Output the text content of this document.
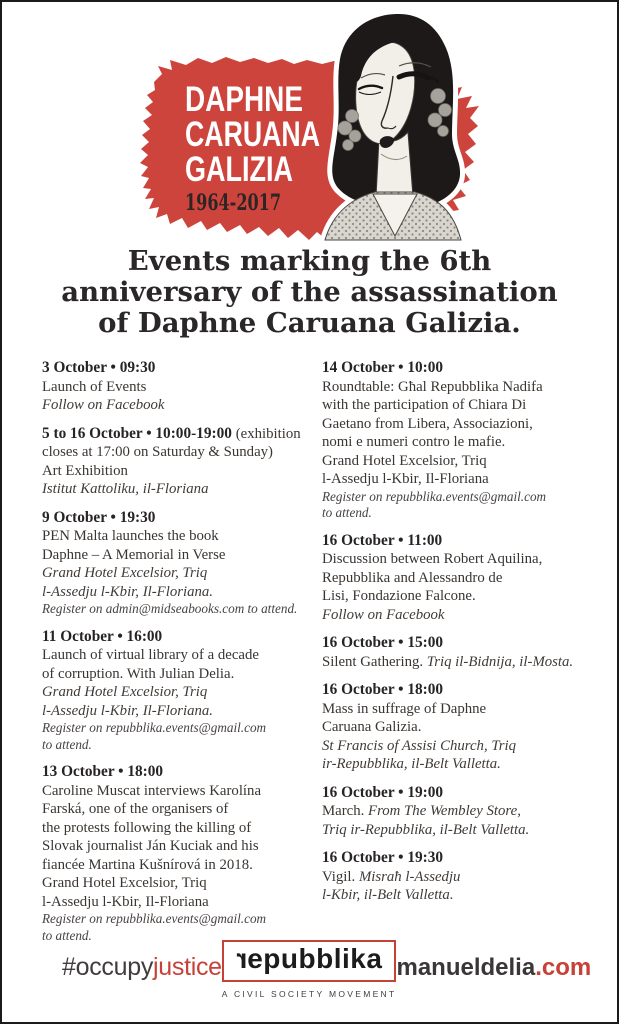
DAPHNE
CARUANA
GALIZIA
1964-2017
Events marking the 6th
anniversary of the assassination
of Daphne Caruana Galizia.
3 October • 09:30
Launch of Events
Follow on Facebook
5 to 16 October • 10:00-19:00 (exhibition
closes at 17:00 on Saturday & Sunday)
Art Exhibition
Istitut Kattoliku, il-Floriana
9 October • 19:30
PEN Malta launches the book
Daphne – A Memorial in Verse
Grand Hotel Excelsior, Triq
l-Assedju l-Kbir, Il-Floriana.
Register on admin@midseabooks.com to attend.
11 October • 16:00
Launch of virtual library of a decade
of corruption. With Julian Delia.
Grand Hotel Excelsior, Triq
l-Assedju l-Kbir, Il-Floriana.
Register on repubblika.events@gmail.com
to attend.
13 October • 18:00
Caroline Muscat interviews Karolína
Farská, one of the organisers of
the protests following the killing of
Slovak journalist Ján Kuciak and his
fiancée Martina Kušnírová in 2018.
Grand Hotel Excelsior, Triq
l-Assedju l-Kbir, Il-Floriana
Register on repubblika.events@gmail.com
to attend.
14 October • 10:00
Roundtable: Għal Repubblika Nadifa
with the participation of Chiara Di
Gaetano from Libera, Associazioni,
nomi e numeri contro le mafie.
Grand Hotel Excelsior, Triq
l-Assedju l-Kbir, Il-Floriana
Register on repubblika.events@gmail.com
to attend.
16 October • 11:00
Discussion between Robert Aquilina,
Repubblika and Alessandro de
Lisi, Fondazione Falcone.
Follow on Facebook
16 October • 15:00
Silent Gathering. Triq il-Bidnija, il-Mosta.
16 October • 18:00
Mass in suffrage of Daphne
Caruana Galizia.
St Francis of Assisi Church, Triq
ir-Repubblika, il-Belt Valletta.
16 October • 19:00
March. From The Wembley Store,
Triq ir-Repubblika, il-Belt Valletta.
16 October • 19:30
Vigil. Misraħ l-Assedju
l-Kbir, il-Belt Valletta.
#occupyjustice repubblika
A CIVIL SOCIETY MOVEMENT
manueldelia.com
